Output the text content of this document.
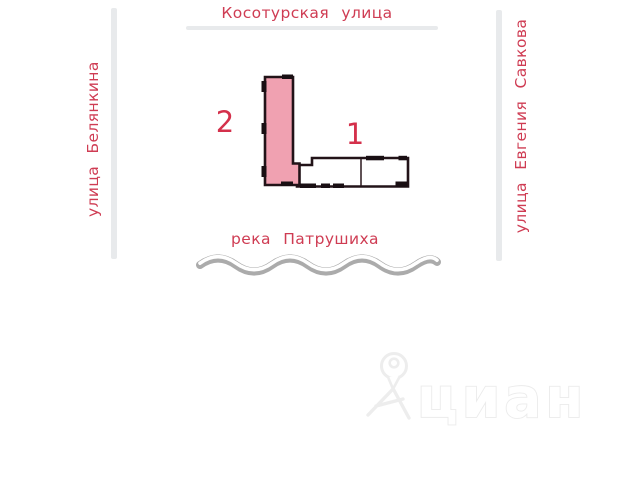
Косотурская улица
улица Белянкина	улица Евгения Савкова
река Патрушиха
2	1
циан
